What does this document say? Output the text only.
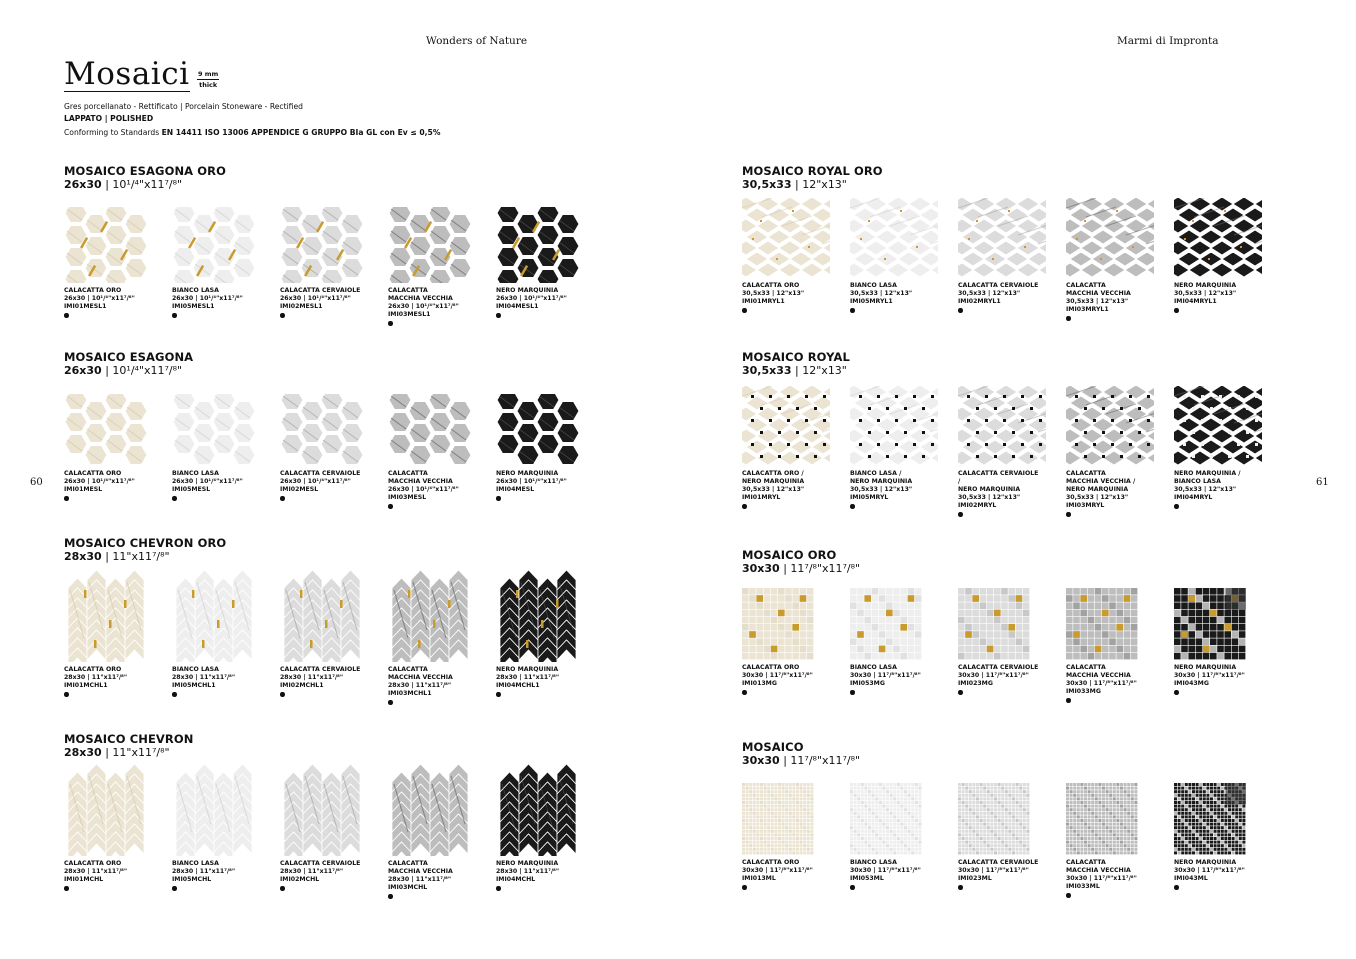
Wonders of Nature	Marmi di Impronta
60	61
Mosaici 9 mm
thick
Gres porcellanato - Rettificato | Porcelain Stoneware - Rectified
LAPPATO | POLISHED
Conforming to Standards EN 14411 ISO 13006 APPENDICE G GRUPPO BIa GL con Ev ≤ 0,5%
MOSAICO ESAGONA ORO
26x30 | 10¹/⁴"x11⁷/⁸"
CALACATTA ORO
26x30 | 10¹/⁴"x11⁷/⁸"
IMI01MESL1
BIANCO LASA
26x30 | 10¹/⁴"x11⁷/⁸"
IMI05MESL1
CALACATTA CERVAIOLE
26x30 | 10¹/⁴"x11⁷/⁸"
IMI02MESL1
CALACATTA
MACCHIA VECCHIA
26x30 | 10¹/⁴"x11⁷/⁸"
IMI03MESL1
NERO MARQUINIA
26x30 | 10¹/⁴"x11⁷/⁸"
IMI04MESL1
MOSAICO ESAGONA
26x30 | 10¹/⁴"x11⁷/⁸"
CALACATTA ORO
26x30 | 10¹/⁴"x11⁷/⁸"
IMI01MESL
BIANCO LASA
26x30 | 10¹/⁴"x11⁷/⁸"
IMI05MESL
CALACATTA CERVAIOLE
26x30 | 10¹/⁴"x11⁷/⁸"
IMI02MESL
CALACATTA
MACCHIA VECCHIA
26x30 | 10¹/⁴"x11⁷/⁸"
IMI03MESL
NERO MARQUINIA
26x30 | 10¹/⁴"x11⁷/⁸"
IMI04MESL
MOSAICO CHEVRON ORO
28x30 | 11"x11⁷/⁸"
CALACATTA ORO
28x30 | 11"x11⁷/⁸"
IMI01MCHL1
BIANCO LASA
28x30 | 11"x11⁷/⁸"
IMI05MCHL1
CALACATTA CERVAIOLE
28x30 | 11"x11⁷/⁸"
IMI02MCHL1
CALACATTA
MACCHIA VECCHIA
28x30 | 11"x11⁷/⁸"
IMI03MCHL1
NERO MARQUINIA
28x30 | 11"x11⁷/⁸"
IMI04MCHL1
MOSAICO CHEVRON
28x30 | 11"x11⁷/⁸"
CALACATTA ORO
28x30 | 11"x11⁷/⁸"
IMI01MCHL
BIANCO LASA
28x30 | 11"x11⁷/⁸"
IMI05MCHL
CALACATTA CERVAIOLE
28x30 | 11"x11⁷/⁸"
IMI02MCHL
CALACATTA
MACCHIA VECCHIA
28x30 | 11"x11⁷/⁸"
IMI03MCHL
NERO MARQUINIA
28x30 | 11"x11⁷/⁸"
IMI04MCHL
MOSAICO ROYAL ORO
30,5x33 | 12"x13"
CALACATTA ORO
30,5x33 | 12"x13"
IMI01MRYL1
BIANCO LASA
30,5x33 | 12"x13"
IMI05MRYL1
CALACATTA CERVAIOLE
30,5x33 | 12"x13"
IMI02MRYL1
CALACATTA
MACCHIA VECCHIA
30,5x33 | 12"x13"
IMI03MRYL1
NERO MARQUINIA
30,5x33 | 12"x13"
IMI04MRYL1
MOSAICO ROYAL
30,5x33 | 12"x13"
CALACATTA ORO /
NERO MARQUINIA
30,5x33 | 12"x13"
IMI01MRYL
BIANCO LASA /
NERO MARQUINIA
30,5x33 | 12"x13"
IMI05MRYL
CALACATTA CERVAIOLE /
NERO MARQUINIA
30,5x33 | 12"x13"
IMI02MRYL
CALACATTA
MACCHIA VECCHIA /
NERO MARQUINIA
30,5x33 | 12"x13"
IMI03MRYL
NERO MARQUINIA /
BIANCO LASA
30,5x33 | 12"x13"
IMI04MRYL
MOSAICO ORO
30x30 | 11⁷/⁸"x11⁷/⁸"
CALACATTA ORO
30x30 | 11⁷/⁸"x11⁷/⁸"
IMI013MG
BIANCO LASA
30x30 | 11⁷/⁸"x11⁷/⁸"
IMI053MG
CALACATTA CERVAIOLE
30x30 | 11⁷/⁸"x11⁷/⁸"
IMI023MG
CALACATTA
MACCHIA VECCHIA
30x30 | 11⁷/⁸"x11⁷/⁸"
IMI033MG
NERO MARQUINIA
30x30 | 11⁷/⁸"x11⁷/⁸"
IMI043MG
MOSAICO
30x30 | 11⁷/⁸"x11⁷/⁸"
CALACATTA ORO
30x30 | 11⁷/⁸"x11⁷/⁸"
IMI013ML
BIANCO LASA
30x30 | 11⁷/⁸"x11⁷/⁸"
IMI053ML
CALACATTA CERVAIOLE
30x30 | 11⁷/⁸"x11⁷/⁸"
IMI023ML
CALACATTA
MACCHIA VECCHIA
30x30 | 11⁷/⁸"x11⁷/⁸"
IMI033ML
NERO MARQUINIA
30x30 | 11⁷/⁸"x11⁷/⁸"
IMI043ML
